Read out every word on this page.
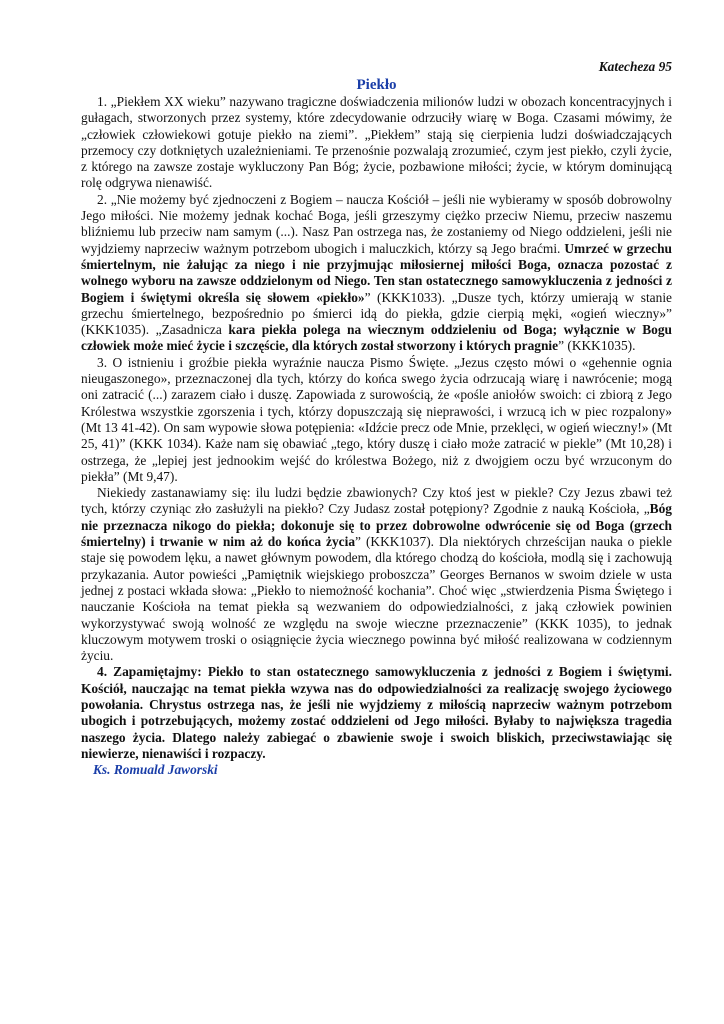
Katecheza 95

Piekło

1. „Piekłem XX wieku” nazywano tragiczne doświadczenia milionów ludzi w obozach koncentracyjnych i gułagach, stworzonych przez systemy, które zdecydowanie odrzuciły wiarę w Boga. Czasami mówimy, że „człowiek człowiekowi gotuje piekło na ziemi”. „Piekłem” stają się cierpienia ludzi doświadczających przemocy czy dotkniętych uzależnieniami. Te przenośnie pozwalają zrozumieć, czym jest piekło, czyli życie, z którego na zawsze zostaje wykluczony Pan Bóg; życie, pozbawione miłości; życie, w którym dominującą rolę odgrywa nienawiść.

2. „Nie możemy być zjednoczeni z Bogiem – naucza Kościół – jeśli nie wybieramy w sposób dobrowolny Jego miłości. Nie możemy jednak kochać Boga, jeśli grzeszymy ciężko przeciw Niemu, przeciw naszemu bliźniemu lub przeciw nam samym (...). Nasz Pan ostrzega nas, że zostaniemy od Niego oddzieleni, jeśli nie wyjdziemy naprzeciw ważnym potrzebom ubogich i maluczkich, którzy są Jego braćmi. Umrzeć w grzechu śmiertelnym, nie żałując za niego i nie przyjmując miłosiernej miłości Boga, oznacza pozostać z wolnego wyboru na zawsze oddzielonym od Niego. Ten stan ostatecznego samowykluczenia z jedności z Bogiem i świętymi określa się słowem «piekło»” (KKK1033). „Dusze tych, którzy umierają w stanie grzechu śmiertelnego, bezpośrednio po śmierci idą do piekła, gdzie cierpią męki, «ogień wieczny»” (KKK1035). „Zasadnicza kara piekła polega na wiecznym oddzieleniu od Boga; wyłącznie w Bogu człowiek może mieć życie i szczęście, dla których został stworzony i których pragnie” (KKK1035).

3. O istnieniu i groźbie piekła wyraźnie naucza Pismo Święte. „Jezus często mówi o «gehennie ognia nieugaszonego», przeznaczonej dla tych, którzy do końca swego życia odrzucają wiarę i nawrócenie; mogą oni zatracić (...) zarazem ciało i duszę. Zapowiada z surowością, że «pośle aniołów swoich: ci zbiorą z Jego Królestwa wszystkie zgorszenia i tych, którzy dopuszczają się nieprawości, i wrzucą ich w piec rozpalony» (Mt 13 41-42). On sam wypowie słowa potępienia: «Idźcie precz ode Mnie, przeklęci, w ogień wieczny!» (Mt 25, 41)” (KKK 1034). Każe nam się obawiać „tego, który duszę i ciało może zatracić w piekle” (Mt 10,28) i ostrzega, że „lepiej jest jednookim wejść do królestwa Bożego, niż z dwojgiem oczu być wrzuconym do piekła” (Mt 9,47).

Niekiedy zastanawiamy się: ilu ludzi będzie zbawionych? Czy ktoś jest w piekle? Czy Jezus zbawi też tych, którzy czyniąc zło zasłużyli na piekło? Czy Judasz został potępiony? Zgodnie z nauką Kościoła, „Bóg nie przeznacza nikogo do piekła; dokonuje się to przez dobrowolne odwrócenie się od Boga (grzech śmiertelny) i trwanie w nim aż do końca życia” (KKK1037). Dla niektórych chrześcijan nauka o piekle staje się powodem lęku, a nawet głównym powodem, dla którego chodzą do kościoła, modlą się i zachowują przykazania. Autor powieści „Pamiętnik wiejskiego proboszcza” Georges Bernanos w swoim dziele w usta jednej z postaci wkłada słowa: „Piekło to niemożność kochania”. Choć więc „stwierdzenia Pisma Świętego i nauczanie Kościoła na temat piekła są wezwaniem do odpowiedzialności, z jaką człowiek powinien wykorzystywać swoją wolność ze względu na swoje wieczne przeznaczenie” (KKK 1035), to jednak kluczowym motywem troski o osiągnięcie życia wiecznego powinna być miłość realizowana w codziennym życiu.

4. Zapamiętajmy: Piekło to stan ostatecznego samowykluczenia z jedności z Bogiem i świętymi. Kościół, nauczając na temat piekła wzywa nas do odpowiedzialności za realizację swojego życiowego powołania. Chrystus ostrzega nas, że jeśli nie wyjdziemy z miłością naprzeciw ważnym potrzebom ubogich i potrzebujących, możemy zostać oddzieleni od Jego miłości. Byłaby to największa tragedia naszego życia. Dlatego należy zabiegać o zbawienie swoje i swoich bliskich, przeciwstawiając się niewierze, nienawiści i rozpaczy.

Ks. Romuald Jaworski
